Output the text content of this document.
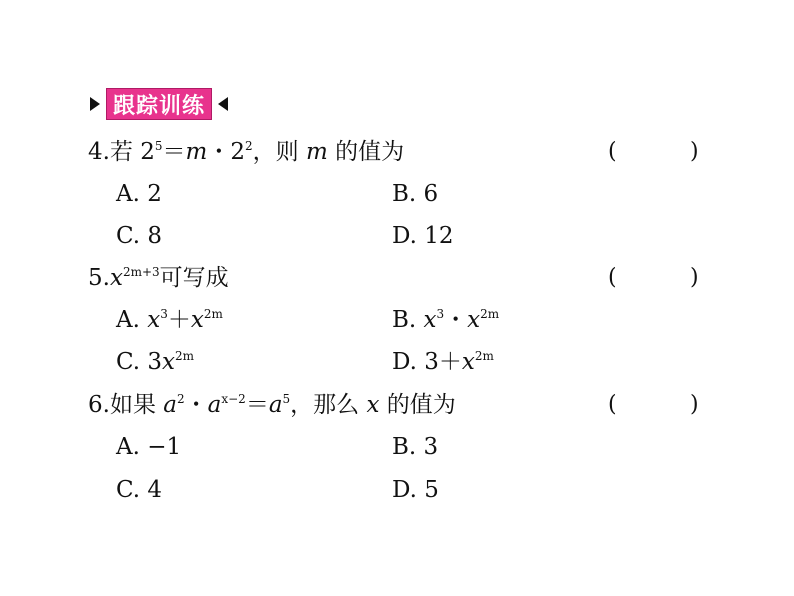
跟踪训练
4.若 $2^5=m$・$2^2$，则 m 的值为	(	)
A. 2	B. 6
C. 8	D. 12
$5.x^{2m+3}$可写成	(	)
A. $x^3+x^{2m}$	B. $x^3$・$x^{2m}$
C. $3x^{2m}$	D. $3+x^{2m}$
6.如果 $a^2$・$a^{x-2}=a^5$，那么 x 的值为	(	)
A. −1	B. 3
C. 4	D. 5
